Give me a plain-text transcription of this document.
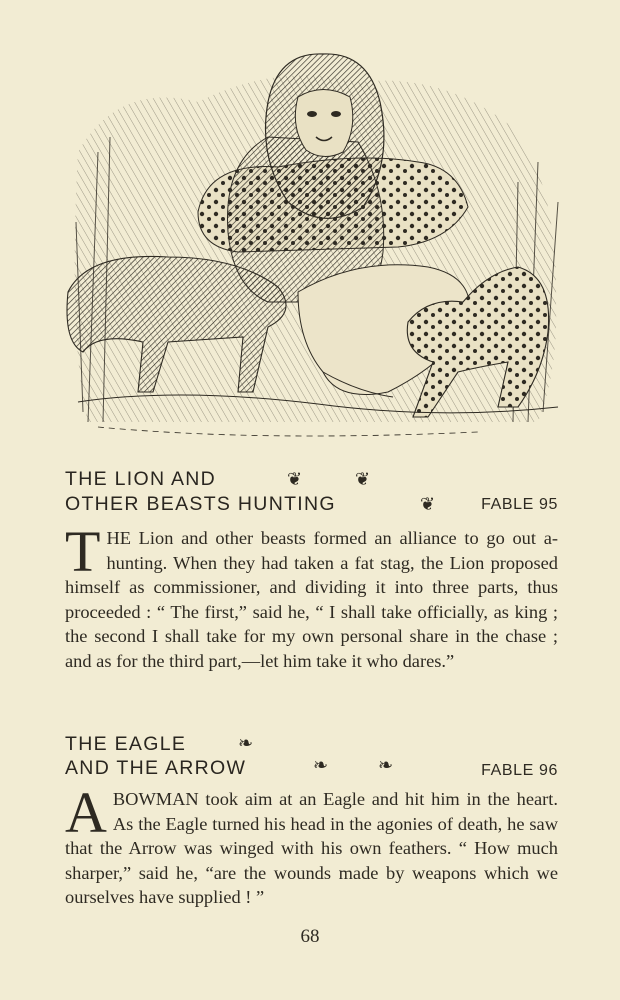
THE LION AND	❦	❦
OTHER BEASTS HUNTING	❦	FABLE 95
THE Lion and other beasts formed an alliance to go out a-hunting. When they had taken a fat stag, the Lion proposed himself as commissioner, and dividing it into three parts, thus proceeded : “ The first,” said he, “ I shall take officially, as king ; the second I shall take for my own personal share in the chase ; and as for the third part,—let him take it who dares.”
THE EAGLE	❧
AND THE ARROW	❧	❧	FABLE 96
ABOWMAN took aim at an Eagle and hit him in the heart. As the Eagle turned his head in the agonies of death, he saw that the Arrow was winged with his own feathers. “ How much sharper,” said he, “are the wounds made by weapons which we ourselves have supplied ! ”
68
